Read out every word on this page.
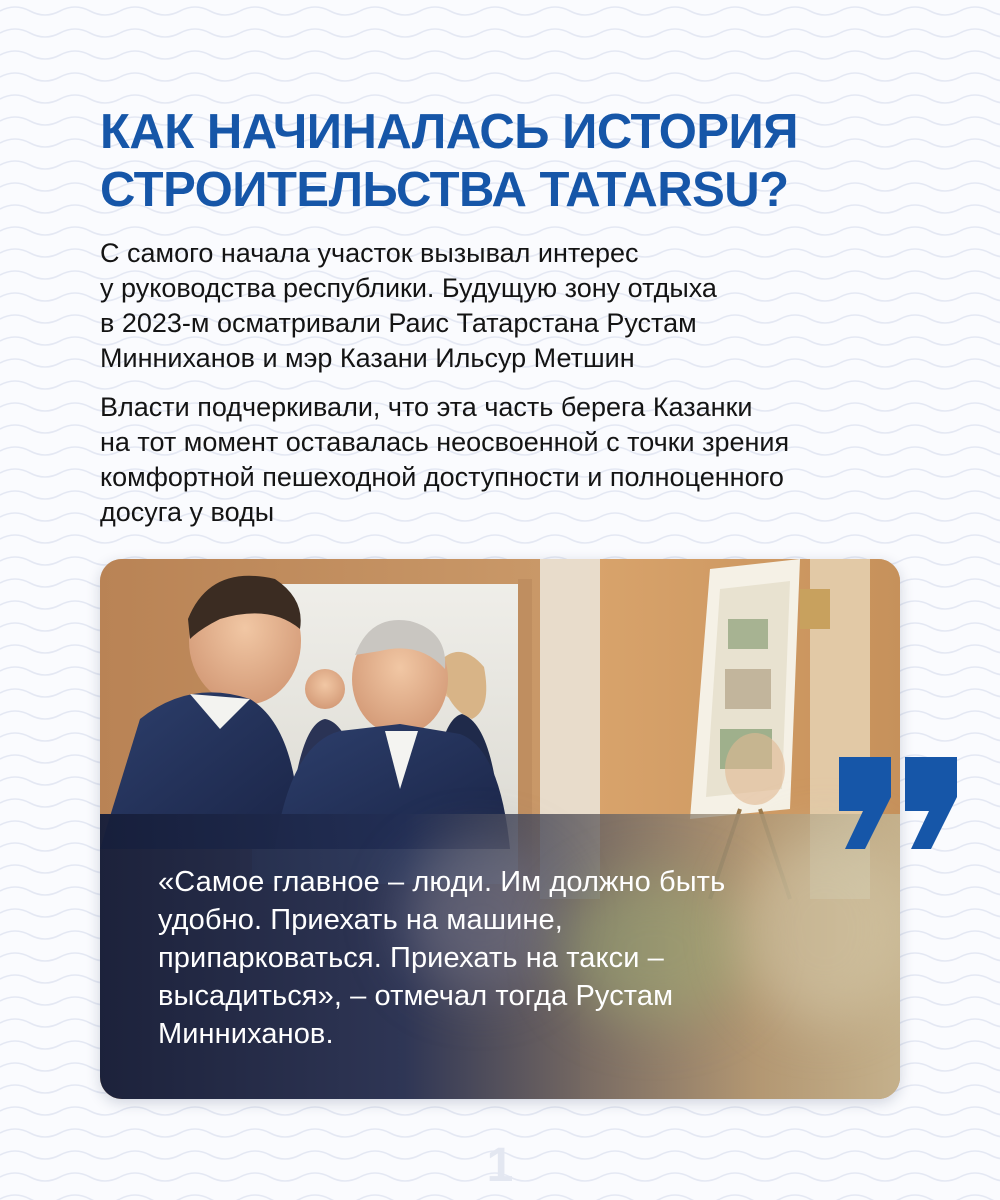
КАК НАЧИНАЛАСЬ ИСТОРИЯ
СТРОИТЕЛЬСТВА TATARSU?

С самого начала участок вызывал интерес
у руководства республики. Будущую зону отдыха
в 2023-м осматривали Раис Татарстана Рустам
Минниханов и мэр Казани Ильсур Метшин

Власти подчеркивали, что эта часть берега Казанки
на тот момент оставалась неосвоенной с точки зрения
комфортной пешеходной доступности и полноценного
досуга у воды

«Самое главное – люди. Им должно быть
удобно. Приехать на машине,
припарковаться. Приехать на такси –
высадиться», – отмечал тогда Рустам
Минниханов.

1
